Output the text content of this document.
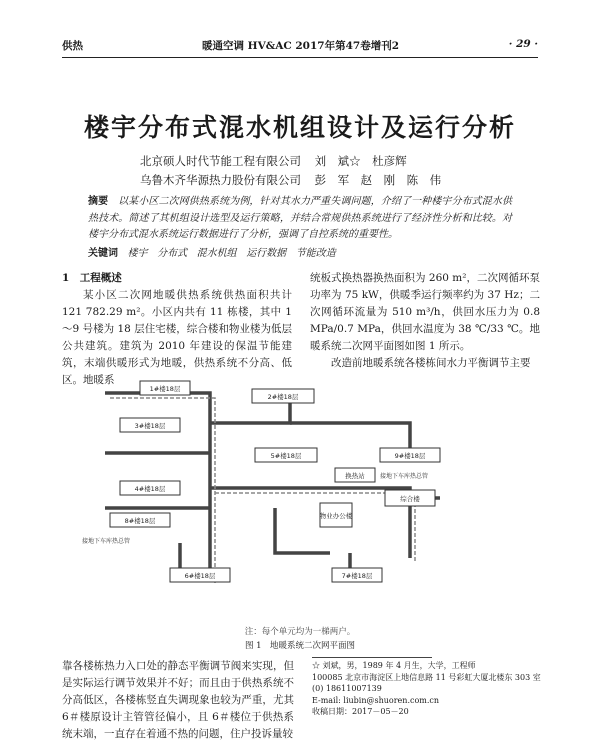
供热	暖通空调 HV&AC 2017年第47卷增刊2	· 29 ·
楼宇分布式混水机组设计及运行分析
北京硕人时代节能工程有限公司 刘　斌☆　杜彦辉
乌鲁木齐华源热力股份有限公司 彭　军　赵　刚　陈　伟
摘要 以某小区二次网供热系统为例，针对其水力严重失调问题，介绍了一种楼宇分布式混水供热技术。简述了其机组设计选型及运行策略，并结合常规供热系统进行了经济性分析和比较。对楼宇分布式混水系统运行数据进行了分析，强调了自控系统的重要性。
关键词 楼宇 分布式 混水机组 运行数据 节能改造

1　工程概述

某小区二次网地暖供热系统供热面积共计 121 782.29 m²。小区内共有 11 栋楼，其中 1～9 号楼为 18 层住宅楼，综合楼和物业楼为低层公共建筑。建筑为 2010 年建设的保温节能建筑，末端供暖形式为地暖，供热系统不分高、低区。地暖系

统板式换热器换热面积为 260 m²，二次网循环泵功率为 75 kW，供暖季运行频率约为 37 Hz；二次网循环流量为 510 m³/h，供回水压力为 0.8 MPa/0.7 MPa，供回水温度为 38 ℃/33 ℃。地暖系统二次网平面图如图 1 所示。

改造前地暖系统各楼栋间水力平衡调节主要

1#楼18层
2#楼18层
3#楼18层
4#楼18层
5#楼18层
6#楼18层	7#楼18层
8#楼18层
9#楼18层
综合楼
物业办公楼
换热站
接地下车库热总管
接地下车库热总管
注：每个单元均为一梯两户。
图 1　地暖系统二次网平面图

靠各楼栋热力入口处的静态平衡调节阀来实现，但是实际运行调节效果并不好；而且由于供热系统不分高低区，各楼栋竖直失调现象也较为严重，尤其 6＃楼原设计主管管径偏小，且 6＃楼位于供热系统末端，一直存在着通不热的问题，住户投诉量较

☆ 刘斌，男，1989 年 4 月生，大学，工程师
100085 北京市海淀区上地信息路 11 号彩虹大厦北楼东 303 室
(0) 18611007139
E-mail: liubin@shuoren.com.cn
收稿日期：2017－05－20
